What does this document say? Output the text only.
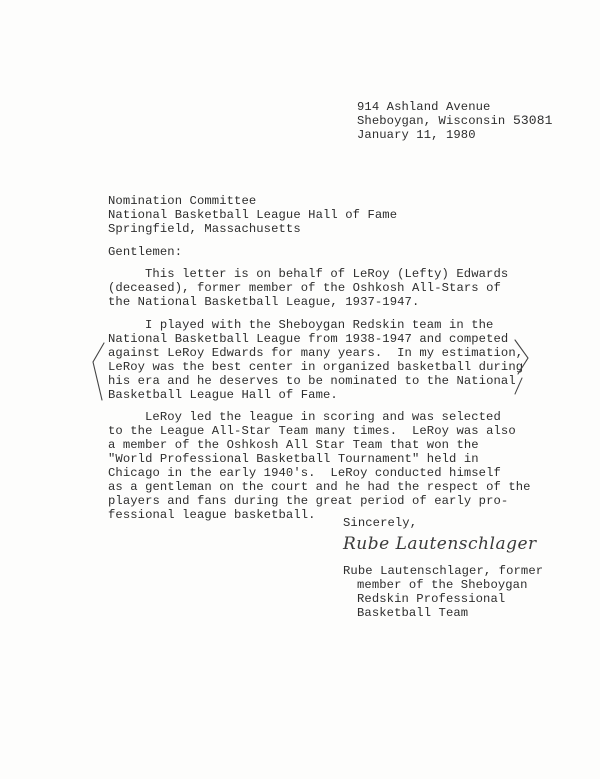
914 Ashland Avenue
Sheboygan, Wisconsin 53081
January 11, 1980
Nomination Committee
National Basketball League Hall of Fame
Springfield, Massachusetts
Gentlemen:
This letter is on behalf of LeRoy (Lefty) Edwards
(deceased), former member of the Oshkosh All-Stars of
the National Basketball League, 1937-1947.
I played with the Sheboygan Redskin team in the
National Basketball League from 1938-1947 and competed
against LeRoy Edwards for many years.  In my estimation,
LeRoy was the best center in organized basketball during
his era and he deserves to be nominated to the National
Basketball League Hall of Fame.
LeRoy led the league in scoring and was selected
to the League All-Star Team many times.  LeRoy was also
a member of the Oshkosh All Star Team that won the
"World Professional Basketball Tournament" held in
Chicago in the early 1940's.  LeRoy conducted himself
as a gentleman on the court and he had the respect of the
players and fans during the great period of early pro-
fessional league basketball.
Sincerely,
Rube Lautenschlager
Rube Lautenschlager, former
member of the Sheboygan
Redskin Professional
Basketball Team
